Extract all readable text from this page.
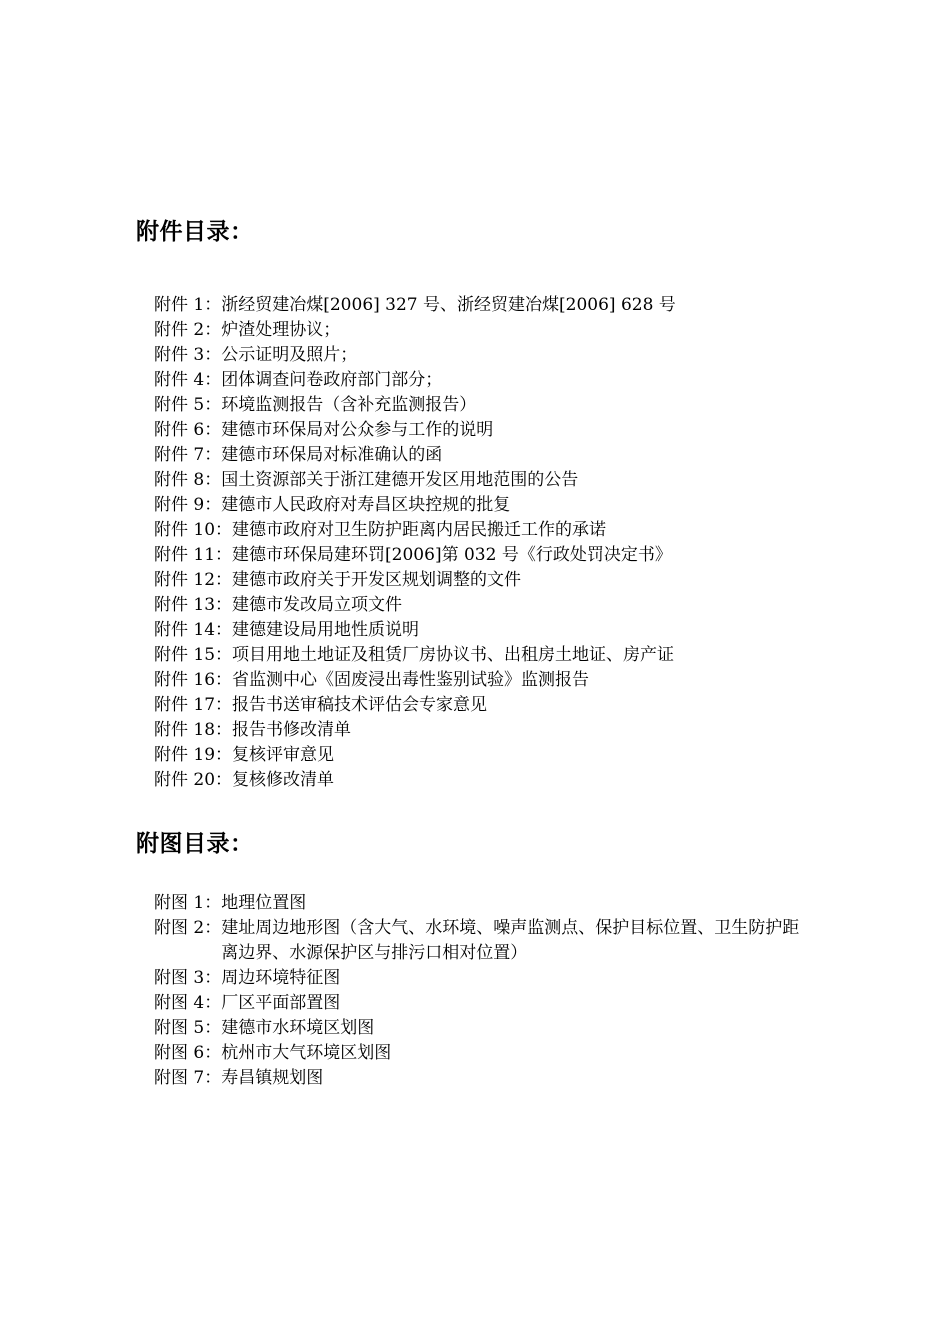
附件目录：
附件 1：浙经贸建冶煤[2006] 327 号、浙经贸建冶煤[2006] 628 号
附件 2：炉渣处理协议；
附件 3：公示证明及照片；
附件 4：团体调查问卷政府部门部分；
附件 5：环境监测报告（含补充监测报告）
附件 6：建德市环保局对公众参与工作的说明
附件 7：建德市环保局对标准确认的函
附件 8：国土资源部关于浙江建德开发区用地范围的公告
附件 9：建德市人民政府对寿昌区块控规的批复
附件 10：建德市政府对卫生防护距离内居民搬迁工作的承诺
附件 11：建德市环保局建环罚[2006]第 032 号《行政处罚决定书》
附件 12：建德市政府关于开发区规划调整的文件
附件 13：建德市发改局立项文件
附件 14：建德建设局用地性质说明
附件 15：项目用地土地证及租赁厂房协议书、出租房土地证、房产证
附件 16：省监测中心《固废浸出毒性鉴别试验》监测报告
附件 17：报告书送审稿技术评估会专家意见
附件 18：报告书修改清单
附件 19：复核评审意见
附件 20：复核修改清单
附图目录：
附图 1：地理位置图
附图 2： 建址周边地形图（含大气、水环境、噪声监测点、保护目标位置、卫生防护距离边界、水源保护区与排污口相对位置）
附图 3：周边环境特征图
附图 4：厂区平面部置图
附图 5：建德市水环境区划图
附图 6：杭州市大气环境区划图
附图 7：寿昌镇规划图
